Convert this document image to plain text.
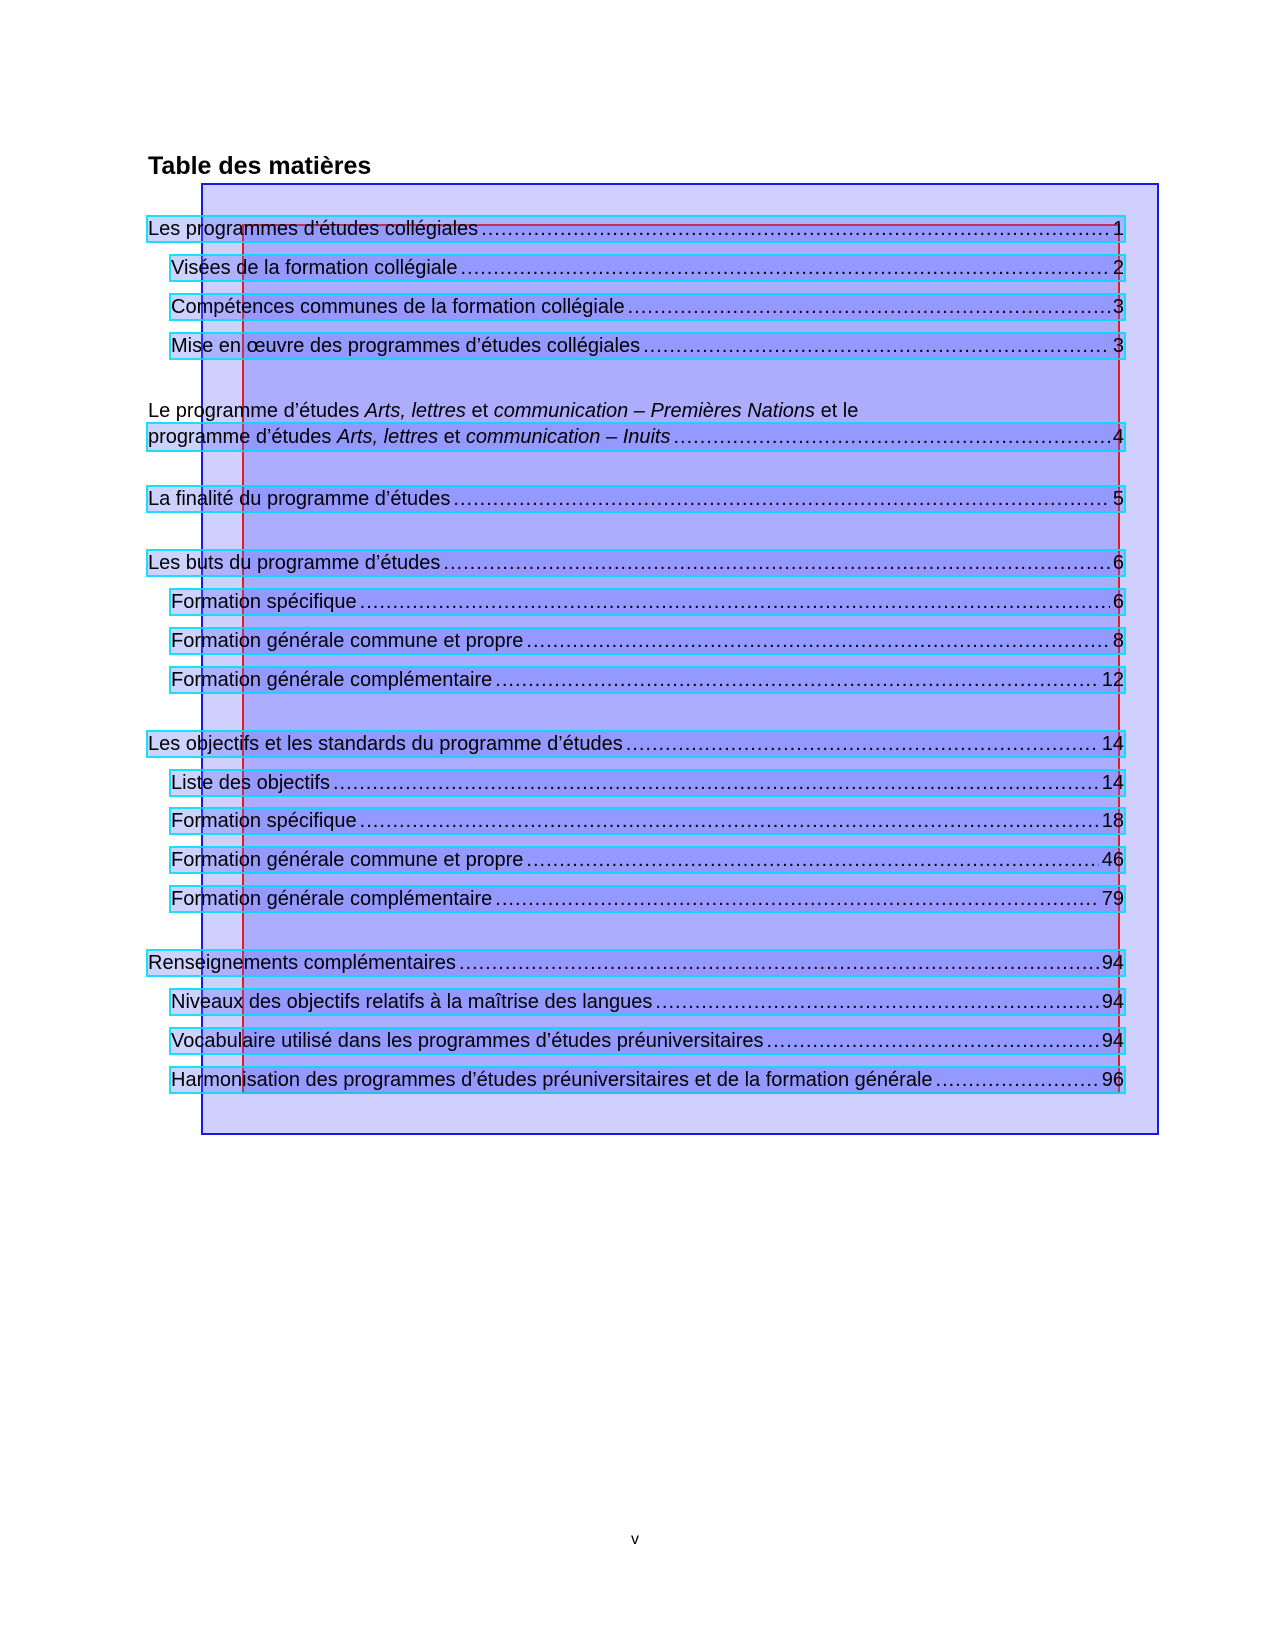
Table des matières
Les programmes d’études collégiales .....	1
Visées de la formation collégiale .....	2
Compétences communes de la formation collégiale .....	3
Mise en œuvre des programmes d’études collégiales .....	3
Le programme d’études Arts, lettres et communication – Premières Nations et le
programme d’études Arts, lettres et communication – Inuits .....	4
La finalité du programme d’études .....	5
Les buts du programme d’études .....	6
Formation spécifique .....	6
Formation générale commune et propre .....	8
Formation générale complémentaire .....	12
Les objectifs et les standards du programme d’études .....	14
Liste des objectifs .....	14
Formation spécifique .....	18
Formation générale commune et propre .....	46
Formation générale complémentaire .....	79
Renseignements complémentaires .....	94
Niveaux des objectifs relatifs à la maîtrise des langues .....	94
Vocabulaire utilisé dans les programmes d’études préuniversitaires .....	94
Harmonisation des programmes d’études préuniversitaires et de la formation générale .....	96
v
